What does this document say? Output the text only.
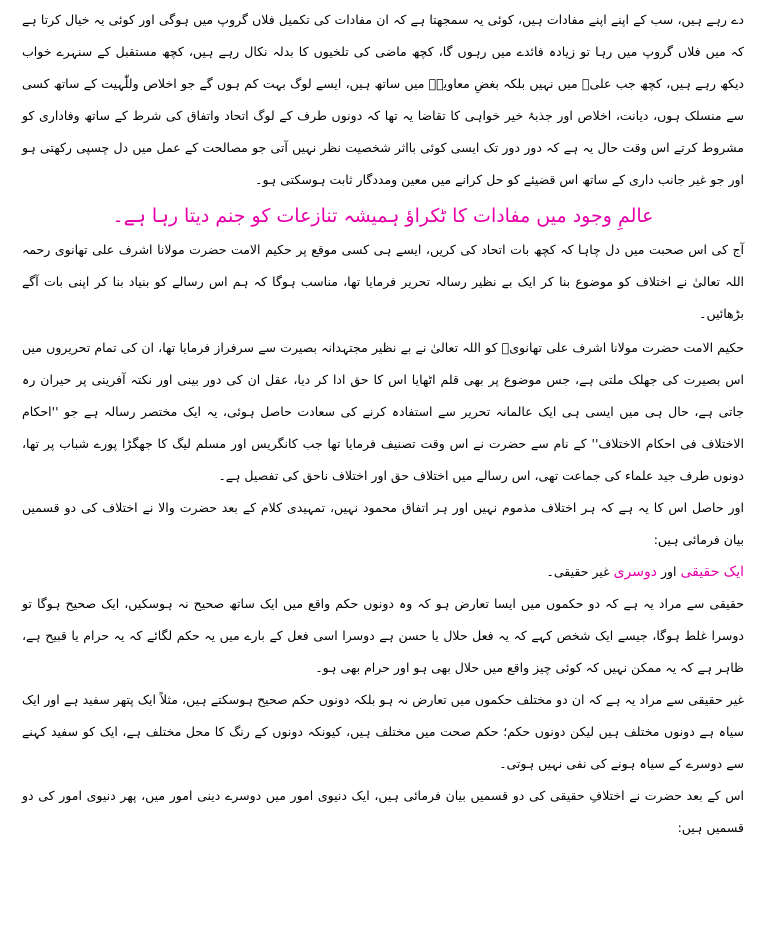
دے رہے ہیں، سب کے اپنے اپنے مفادات ہیں، کوئی یہ سمجھتا ہے کہ ان مفادات کی تکمیل فلاں گروپ میں ہوگی اور کوئی یہ خیال کرتا ہے کہ میں فلاں گروپ میں رہا تو زیادہ فائدے میں رہوں گا، کچھ ماضی کی تلخیوں کا بدلہ نکال رہے ہیں، کچھ مستقبل کے سنہرے خواب دیکھ رہے ہیں، کچھ جب علیؓ میں نہیں بلکہ بغضِ معاویہؓ میں ساتھ ہیں، ایسے لوگ بہت کم ہوں گے جو اخلاص وللّٰہیت کے ساتھ کسی سے منسلک ہوں، دیانت، اخلاص اور جذبۂ خیر خواہی کا تقاضا یہ تھا کہ دونوں طرف کے لوگ اتحاد واتفاق کی شرط کے ساتھ وفاداری کو مشروط کرتے اس وقت حال یہ ہے کہ دور دور تک ایسی کوئی بااثر شخصیت نظر نہیں آتی جو مصالحت کے عمل میں دل چسپی رکھتی ہو اور جو غیر جانب داری کے ساتھ اس قضیئے کو حل کرانے میں معین ومددگار ثابت ہوسکتی ہو۔

عالمِ وجود میں مفادات کا ٹکراؤ ہمیشہ تنازعات کو جنم دیتا رہا ہے۔

آج کی اس صحبت میں دل چاہا کہ کچھ بات اتحاد کی کریں، ایسے ہی کسی موقع پر حکیم الامت حضرت مولانا اشرف علی تھانوی رحمہ اللہ تعالیٰ نے اختلاف کو موضوع بنا کر ایک بے نظیر رسالہ تحریر فرمایا تھا، مناسب ہوگا کہ ہم اس رسالے کو بنیاد بنا کر اپنی بات آگے بڑھائیں۔

حکیم الامت حضرت مولانا اشرف علی تھانویؒ کو اللہ تعالیٰ نے بے نظیر مجتہدانہ بصیرت سے سرفراز فرمایا تھا، ان کی تمام تحریروں میں اس بصیرت کی جھلک ملتی ہے، جس موضوع پر بھی قلم اٹھایا اس کا حق ادا کر دیا، عقل ان کی دور بینی اور نکتہ آفرینی پر حیران رہ جاتی ہے، حال ہی میں ایسی ہی ایک عالمانہ تحریر سے استفادہ کرنے کی سعادت حاصل ہوئی، یہ ایک مختصر رسالہ ہے جو ''احکام الاختلاف فی احکام الاختلاف'' کے نام سے حضرت نے اس وقت تصنیف فرمایا تھا جب کانگریس اور مسلم لیگ کا جھگڑا پورے شباب پر تھا، دونوں طرف جید علماء کی جماعت تھی، اس رسالے میں اختلاف حق اور اختلاف ناحق کی تفصیل ہے۔

اور حاصل اس کا یہ ہے کہ ہر اختلاف مذموم نہیں اور ہر اتفاق محمود نہیں، تمہیدی کلام کے بعد حضرت والا نے اختلاف کی دو قسمیں بیان فرمائی ہیں:

ایک حقیقی اور دوسری غیر حقیقی۔

حقیقی سے مراد یہ ہے کہ دو حکموں میں ایسا تعارض ہو کہ وہ دونوں حکم واقع میں ایک ساتھ صحیح نہ ہوسکیں، ایک صحیح ہوگا تو دوسرا غلط ہوگا، جیسے ایک شخص کہے کہ یہ فعل حلال یا حسن ہے دوسرا اسی فعل کے بارے میں یہ حکم لگائے کہ یہ حرام یا قبیح ہے، ظاہر ہے کہ یہ ممکن نہیں کہ کوئی چیز واقع میں حلال بھی ہو اور حرام بھی ہو۔

غیر حقیقی سے مراد یہ ہے کہ ان دو مختلف حکموں میں تعارض نہ ہو بلکہ دونوں حکم صحیح ہوسکتے ہیں، مثلاً ایک پتھر سفید ہے اور ایک سیاہ ہے دونوں مختلف ہیں لیکن دونوں حکم؛ حکم صحت میں مختلف ہیں، کیونکہ دونوں کے رنگ کا محل مختلف ہے، ایک کو سفید کہنے سے دوسرے کے سیاہ ہونے کی نفی نہیں ہوتی۔

اس کے بعد حضرت نے اختلافِ حقیقی کی دو قسمیں بیان فرمائی ہیں، ایک دنیوی امور میں دوسرے دینی امور میں، پھر دنیوی امور کی دو قسمیں ہیں:
